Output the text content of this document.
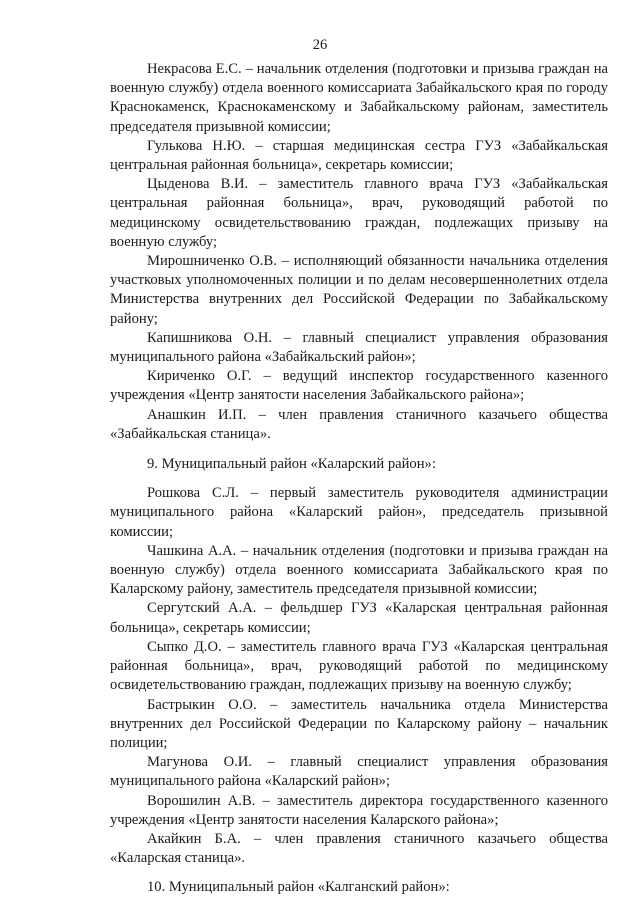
26

Некрасова Е.С. – начальник отделения (подготовки и призыва граждан на военную службу) отдела военного комиссариата Забайкальского края по городу Краснокаменск, Краснокаменскому и Забайкальскому районам, заместитель председателя призывной комиссии;

Гулькова Н.Ю. – старшая медицинская сестра ГУЗ «Забайкальская центральная районная больница», секретарь комиссии;

Цыденова В.И. – заместитель главного врача ГУЗ «Забайкальская центральная районная больница», врач, руководящий работой по медицинскому освидетельствованию граждан, подлежащих призыву на военную службу;

Мирошниченко О.В. – исполняющий обязанности начальника отделения участковых уполномоченных полиции и по делам несовершеннолетних отдела Министерства внутренних дел Российской Федерации по Забайкальскому району;

Капишникова О.Н. – главный специалист управления образования муниципального района «Забайкальский район»;

Кириченко О.Г. – ведущий инспектор государственного казенного учреждения «Центр занятости населения Забайкальского района»;

Анашкин И.П. – член правления станичного казачьего общества «Забайкальская станица».

9. Муниципальный район «Каларский район»:

Рошкова С.Л. – первый заместитель руководителя администрации муниципального района «Каларский район», председатель призывной комиссии;

Чашкина А.А. – начальник отделения (подготовки и призыва граждан на военную службу) отдела военного комиссариата Забайкальского края по Каларскому району, заместитель председателя призывной комиссии;

Сергутский А.А. – фельдшер ГУЗ «Каларская центральная районная больница», секретарь комиссии;

Сыпко Д.О. – заместитель главного врача ГУЗ «Каларская центральная районная больница», врач, руководящий работой по медицинскому освидетельствованию граждан, подлежащих призыву на военную службу;

Бастрыкин О.О. – заместитель начальника отдела Министерства внутренних дел Российской Федерации по Каларскому району – начальник полиции;

Магунова О.И. – главный специалист управления образования муниципального района «Каларский район»;

Ворошилин А.В. – заместитель директора государственного казенного учреждения «Центр занятости населения Каларского района»;

Акайкин Б.А. – член правления станичного казачьего общества «Каларская станица».

10. Муниципальный район «Калганский район»:
